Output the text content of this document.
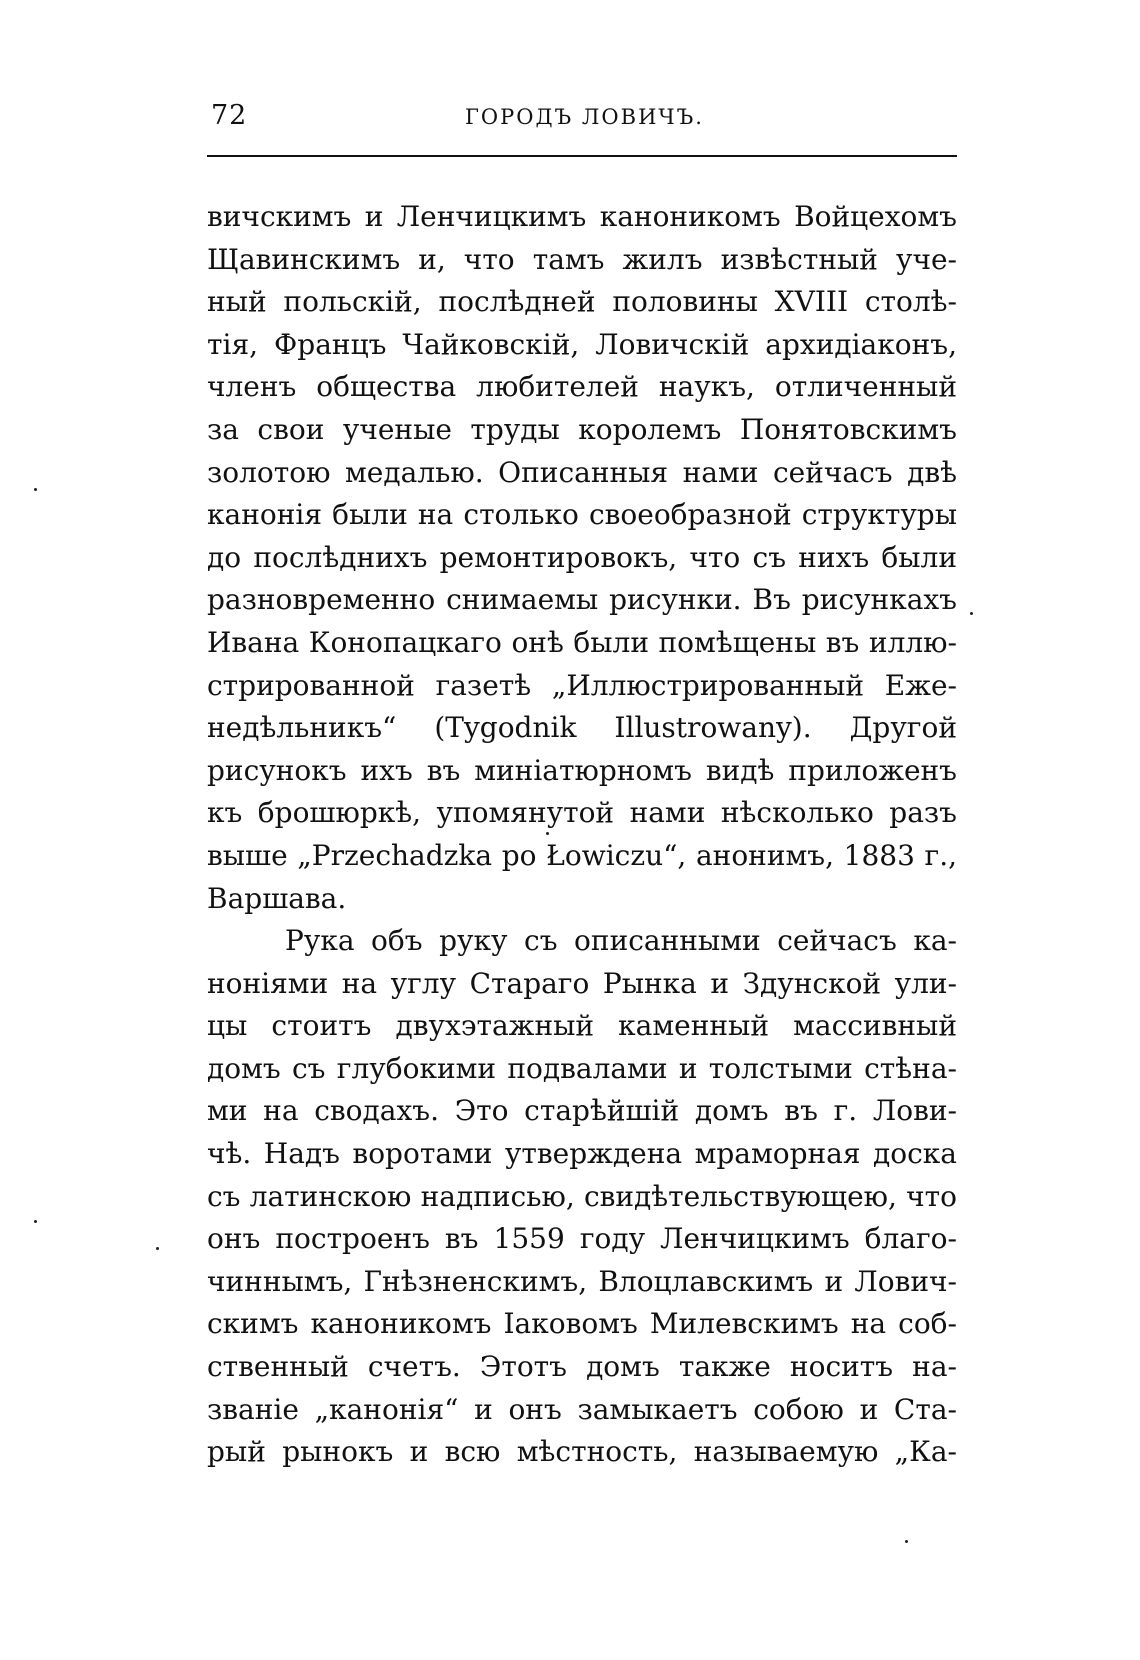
72	ГОРОДЪ ЛОВИЧЪ.
вичскимъ и Ленчицкимъ каноникомъ Войцехомъ
Щавинскимъ и, что тамъ жилъ извѣстный уче-
ный польскій, послѣдней половины XVIII столѣ-
тія, Францъ Чайковскій, Ловичскій архидіаконъ,
членъ общества любителей наукъ, отличенный
за свои ученые труды королемъ Понятовскимъ
золотою медалью. Описанныя нами сейчасъ двѣ
канонія были на столько своеобразной структуры
до послѣднихъ ремонтировокъ, что съ нихъ были
разновременно снимаемы рисунки. Въ рисункахъ
Ивана Конопацкаго онѣ были помѣщены въ иллю-
стрированной газетѣ „Иллюстрированный Еже-
недѣльникъ“ (Tygodnik Illustrowany). Другой
рисунокъ ихъ въ миніатюрномъ видѣ приложенъ
къ брошюркѣ, упомянутой нами нѣсколько разъ
выше „Przechadzka po Łowiczu“, анонимъ, 1883 г.,
Варшава.
Рука объ руку съ описанными сейчасъ ка-
ноніями на углу Стараго Рынка и Здунской ули-
цы стоитъ двухэтажный каменный массивный
домъ съ глубокими подвалами и толстыми стѣна-
ми на сводахъ. Это старѣйшій домъ въ г. Лови-
чѣ. Надъ воротами утверждена мраморная доска
съ латинскою надписью, свидѣтельствующею, что
онъ построенъ въ 1559 году Ленчицкимъ благо-
чиннымъ, Гнѣзненскимъ, Влоцлавскимъ и Лович-
скимъ каноникомъ Іаковомъ Милевскимъ на соб-
ственный счетъ. Этотъ домъ также носитъ на-
званіе „канонія“ и онъ замыкаетъ собою и Ста-
рый рынокъ и всю мѣстность, называемую „Ка-
